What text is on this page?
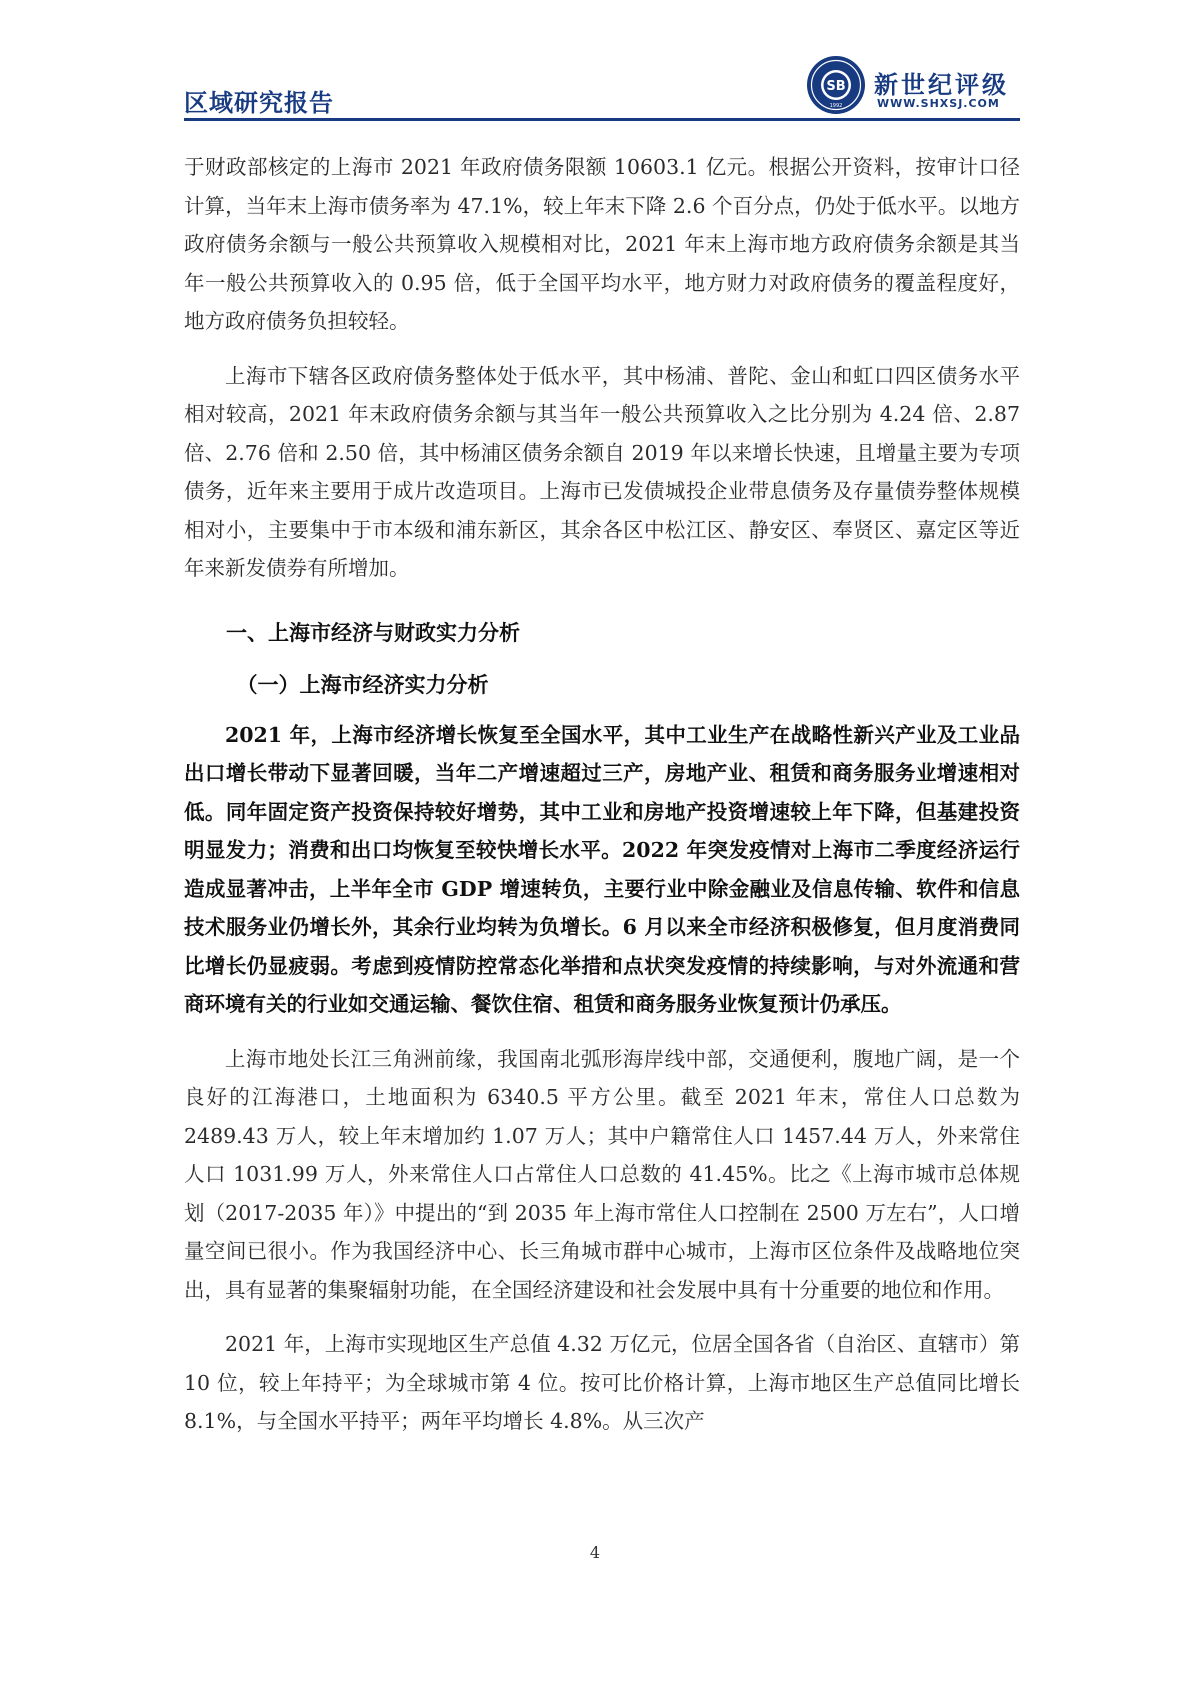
区域研究报告
SB
1992
新世纪评级
WWW.SHXSJ.COM

于财政部核定的上海市 2021 年政府债务限额 10603.1 亿元。根据公开资料，按审计口径计算，当年末上海市债务率为 47.1%，较上年末下降 2.6 个百分点，仍处于低水平。以地方政府债务余额与一般公共预算收入规模相对比，2021 年末上海市地方政府债务余额是其当年一般公共预算收入的 0.95 倍，低于全国平均水平，地方财力对政府债务的覆盖程度好，地方政府债务负担较轻。

上海市下辖各区政府债务整体处于低水平，其中杨浦、普陀、金山和虹口四区债务水平相对较高，2021 年末政府债务余额与其当年一般公共预算收入之比分别为 4.24 倍、2.87 倍、2.76 倍和 2.50 倍，其中杨浦区债务余额自 2019 年以来增长快速，且增量主要为专项债务，近年来主要用于成片改造项目。上海市已发债城投企业带息债务及存量债券整体规模相对小，主要集中于市本级和浦东新区，其余各区中松江区、静安区、奉贤区、嘉定区等近年来新发债券有所增加。

一、上海市经济与财政实力分析
（一）上海市经济实力分析

2021 年，上海市经济增长恢复至全国水平，其中工业生产在战略性新兴产业及工业品出口增长带动下显著回暖，当年二产增速超过三产，房地产业、租赁和商务服务业增速相对低。同年固定资产投资保持较好增势，其中工业和房地产投资增速较上年下降，但基建投资明显发力；消费和出口均恢复至较快增长水平。2022 年突发疫情对上海市二季度经济运行造成显著冲击，上半年全市 GDP 增速转负，主要行业中除金融业及信息传输、软件和信息技术服务业仍增长外，其余行业均转为负增长。6 月以来全市经济积极修复，但月度消费同比增长仍显疲弱。考虑到疫情防控常态化举措和点状突发疫情的持续影响，与对外流通和营商环境有关的行业如交通运输、餐饮住宿、租赁和商务服务业恢复预计仍承压。

上海市地处长江三角洲前缘，我国南北弧形海岸线中部，交通便利，腹地广阔，是一个良好的江海港口，土地面积为 6340.5 平方公里。截至 2021 年末，常住人口总数为 2489.43 万人，较上年末增加约 1.07 万人；其中户籍常住人口 1457.44 万人，外来常住人口 1031.99 万人，外来常住人口占常住人口总数的 41.45%。比之《上海市城市总体规划（2017-2035 年）》中提出的“到 2035 年上海市常住人口控制在 2500 万左右”，人口增量空间已很小。作为我国经济中心、长三角城市群中心城市，上海市区位条件及战略地位突出，具有显著的集聚辐射功能，在全国经济建设和社会发展中具有十分重要的地位和作用。

2021 年，上海市实现地区生产总值 4.32 万亿元，位居全国各省（自治区、直辖市）第 10 位，较上年持平；为全球城市第 4 位。按可比价格计算，上海市地区生产总值同比增长 8.1%，与全国水平持平；两年平均增长 4.8%。从三次产

4
